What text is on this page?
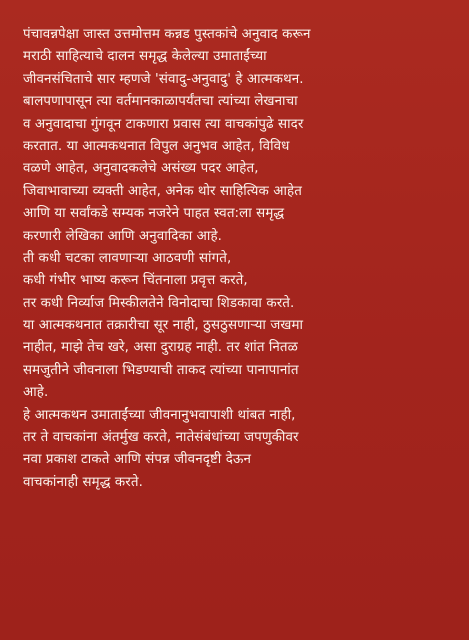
पंचावन्नपेक्षा जास्त उत्तमोत्तम कन्नड पुस्तकांचे अनुवाद करून
मराठी साहित्याचे दालन समृद्ध केलेल्या उमाताईंच्या
जीवनसंचिताचे सार म्हणजे 'संवादु-अनुवादु' हे आत्मकथन.
बालपणापासून त्या वर्तमानकाळापर्यंतचा त्यांच्या लेखनाचा
व अनुवादाचा गुंगवून टाकणारा प्रवास त्या वाचकांपुढे सादर
करतात. या आत्मकथनात विपुल अनुभव आहेत, विविध
वळणे आहेत, अनुवादकलेचे असंख्य पदर आहेत,
जिवाभावाच्या व्यक्ती आहेत, अनेक थोर साहित्यिक आहेत
आणि या सर्वांकडे सम्यक नजरेने पाहत स्वत:ला समृद्ध
करणारी लेखिका आणि अनुवादिका आहे.
ती कधी चटका लावणाऱ्या आठवणी सांगते,
कधी गंभीर भाष्य करून चिंतनाला प्रवृत्त करते,
तर कधी निर्व्याज मिस्कीलतेने विनोदाचा शिडकावा करते.
या आत्मकथनात तक्रारीचा सूर नाही, ठुसठुसणाऱ्या जखमा
नाहीत, माझे तेच खरे, असा दुराग्रह नाही. तर शांत नितळ
समजुतीने जीवनाला भिडण्याची ताकद त्यांच्या पानापानांत
आहे.
हे आत्मकथन उमाताईंच्या जीवनानुभवापाशी थांबत नाही,
तर ते वाचकांना अंतर्मुख करते, नातेसंबंधांच्या जपणुकीवर
नवा प्रकाश टाकते आणि संपन्न जीवनदृष्टी देऊन
वाचकांनाही समृद्ध करते.
